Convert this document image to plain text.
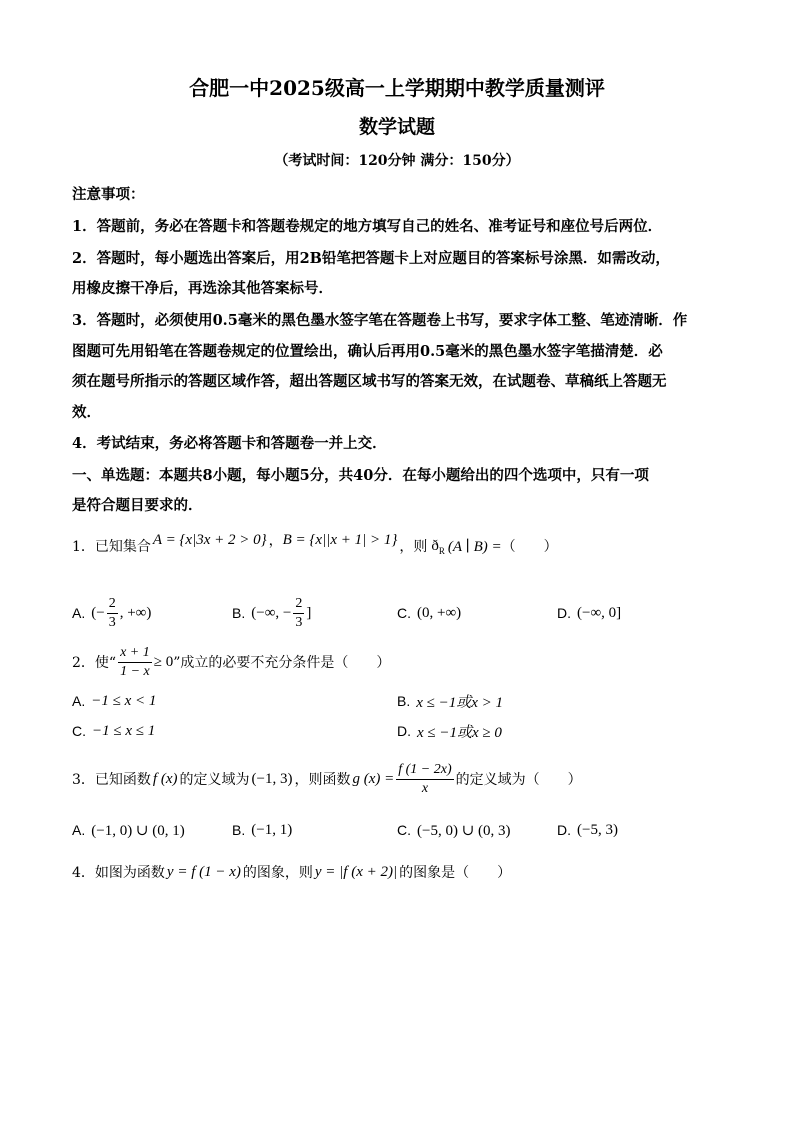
合肥一中2025级高一上学期期中教学质量测评
数学试题
（考试时间：120分钟 满分：150分）
注意事项：
1．答题前，务必在答题卡和答题卷规定的地方填写自己的姓名、准考证号和座位号后两位．
2．答题时，每小题选出答案后，用2B铅笔把答题卡上对应题目的答案标号涂黑．如需改动，
用橡皮擦干净后，再选涂其他答案标号．
3．答题时，必须使用0.5毫米的黑色墨水签字笔在答题卷上书写，要求字体工整、笔迹清晰．作
图题可先用铅笔在答题卷规定的位置绘出，确认后再用0.5毫米的黑色墨水签字笔描清楚．必
须在题号所指示的答题区域作答，超出答题区域书写的答案无效，在试题卷、草稿纸上答题无
效．
4．考试结束，务必将答题卡和答题卷一并上交．
一、单选题：本题共8小题，每小题5分，共40分．在每小题给出的四个选项中，只有一项
是符合题目要求的．
1． 已知集合 A = {x|3x + 2 > 0} ， B = {x||x + 1| > 1} ，则 ð R (A ∣ B) = （　　）
A. (− $\frac{2}{3}$ , +∞)	B. (−∞, − $\frac{2}{3}$ ]	C. (0, +∞)	D. (−∞, 0]
2． 使“ $\frac{x + 1}{1 - x} \ge 0$ ”成立的必要不充分条件是（　　）
A. −1 ≤ x < 1	B. x ≤ −1或x > 1
C. −1 ≤ x ≤ 1	D. x ≤ −1或x ≥ 0
3． 已知函数 f (x) 的定义域为 (−1, 3) ，则函数 g $(x) = \frac{f (1 - 2x)}{x}$ 的定义域为（　　）
A. (−1, 0) ∪ (0, 1)	B. (−1, 1)	C. (−5, 0) ∪ (0, 3)	D. (−5, 3)
4． 如图为函数 y = f (1 − x) 的图象，则 y = |f (x + 2)| 的图象是（　　）
